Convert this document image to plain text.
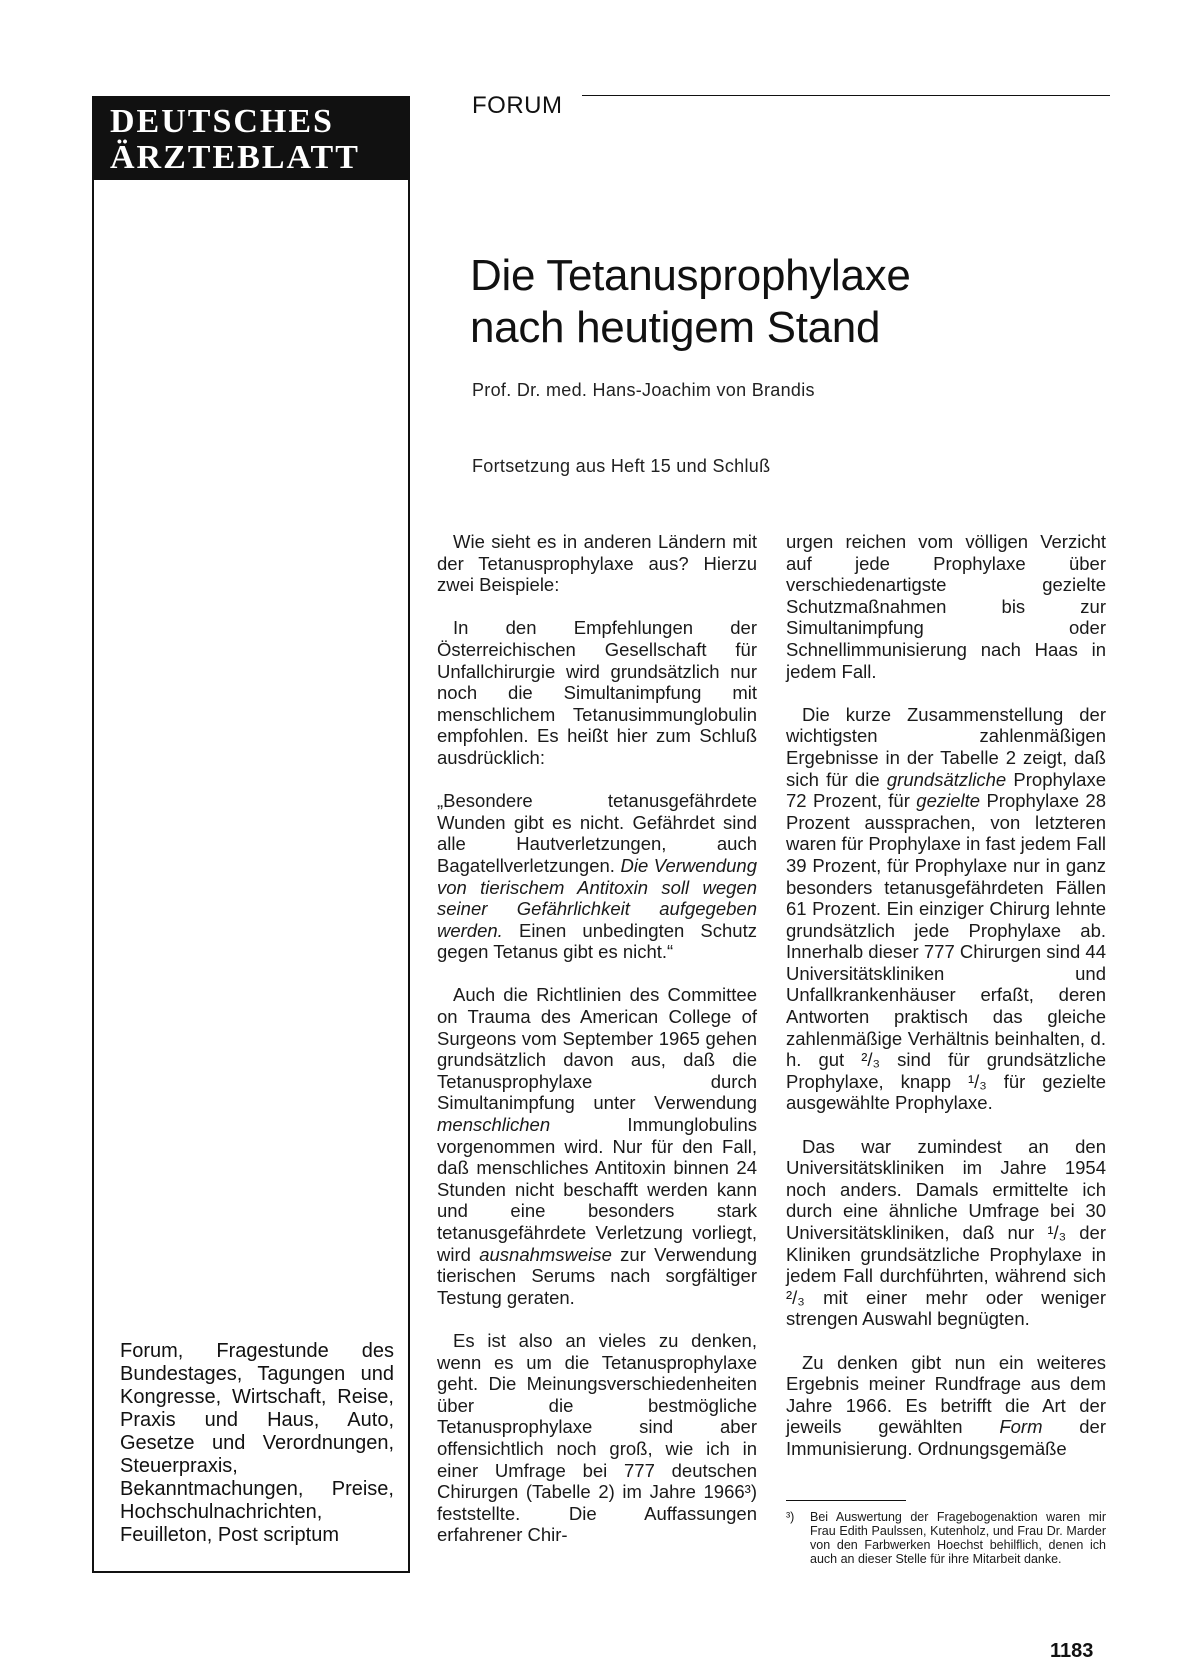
DEUTSCHES
ÄRZTEBLATT
Forum, Fragestunde des Bundestages, Tagungen und Kongresse, Wirtschaft, Reise, Praxis und Haus, Auto, Gesetze und Verordnungen, Steuerpraxis, Bekanntmachungen, Preise, Hochschulnachrichten, Feuilleton, Post scriptum
FORUM
Die Tetanusprophylaxe
nach heutigem Stand
Prof. Dr. med. Hans-Joachim von Brandis
Fortsetzung aus Heft 15 und Schluß

Wie sieht es in anderen Ländern mit der Tetanusprophylaxe aus? Hierzu zwei Beispiele:

In den Empfehlungen der Österreichischen Gesellschaft für Unfallchirurgie wird grundsätzlich nur noch die Simultanimpfung mit menschlichem Tetanusimmunglobulin empfohlen. Es heißt hier zum Schluß ausdrücklich:

„Besondere tetanusgefährdete Wunden gibt es nicht. Gefährdet sind alle Hautverletzungen, auch Bagatellverletzungen. Die Verwendung von tierischem Antitoxin soll wegen seiner Gefährlichkeit aufgegeben werden. Einen unbedingten Schutz gegen Tetanus gibt es nicht.“

Auch die Richtlinien des Committee on Trauma des American College of Surgeons vom September 1965 gehen grundsätzlich davon aus, daß die Tetanusprophylaxe durch Simultanimpfung unter Verwendung menschlichen Immunglobulins vorgenommen wird. Nur für den Fall, daß menschliches Antitoxin binnen 24 Stunden nicht beschafft werden kann und eine besonders stark tetanusgefährdete Verletzung vorliegt, wird ausnahmsweise zur Verwendung tierischen Serums nach sorgfältiger Testung geraten.

Es ist also an vieles zu denken, wenn es um die Tetanusprophylaxe geht. Die Meinungsverschiedenheiten über die bestmögliche Tetanusprophylaxe sind aber offensichtlich noch groß, wie ich in einer Umfrage bei 777 deutschen Chirurgen (Tabelle 2) im Jahre 1966³) feststellte. Die Auffassungen erfahrener Chir-

urgen reichen vom völligen Verzicht auf jede Prophylaxe über verschiedenartigste gezielte Schutzmaßnahmen bis zur Simultanimpfung oder Schnellimmunisierung nach Haas in jedem Fall.

Die kurze Zusammenstellung der wichtigsten zahlenmäßigen Ergebnisse in der Tabelle 2 zeigt, daß sich für die grundsätzliche Prophylaxe 72 Prozent, für gezielte Prophylaxe 28 Prozent aussprachen, von letzteren waren für Prophylaxe in fast jedem Fall 39 Prozent, für Prophylaxe nur in ganz besonders tetanusgefährdeten Fällen 61 Prozent. Ein einziger Chirurg lehnte grundsätzlich jede Prophylaxe ab. Innerhalb dieser 777 Chirurgen sind 44 Universitätskliniken und Unfallkrankenhäuser erfaßt, deren Antworten praktisch das gleiche zahlenmäßige Verhältnis beinhalten, d. h. gut ²/₃ sind für grundsätzliche Prophylaxe, knapp ¹/₃ für gezielte ausgewählte Prophylaxe.

Das war zumindest an den Universitätskliniken im Jahre 1954 noch anders. Damals ermittelte ich durch eine ähnliche Umfrage bei 30 Universitätskliniken, daß nur ¹/₃ der Kliniken grundsätzliche Prophylaxe in jedem Fall durchführten, während sich ²/₃ mit einer mehr oder weniger strengen Auswahl begnügten.

Zu denken gibt nun ein weiteres Ergebnis meiner Rundfrage aus dem Jahre 1966. Es betrifft die Art der jeweils gewählten Form der Immunisierung. Ordnungsgemäße

³) Bei Auswertung der Fragebogenaktion waren mir Frau Edith Paulssen, Kutenholz, und Frau Dr. Marder von den Farbwerken Hoechst behilflich, denen ich auch an dieser Stelle für ihre Mitarbeit danke.
1183
